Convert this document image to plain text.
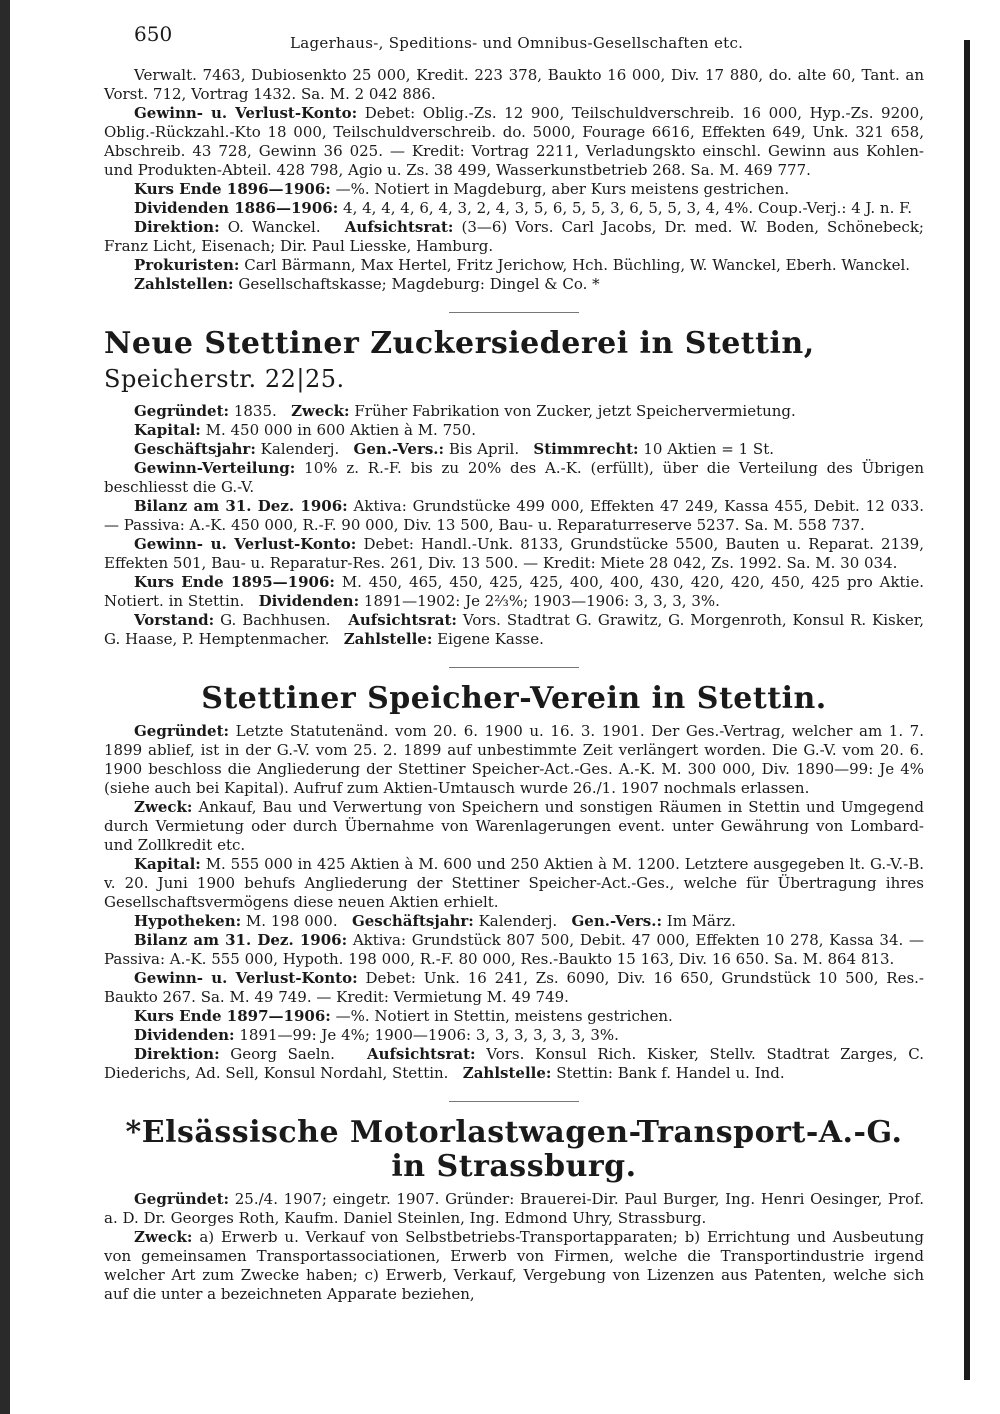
650	Lagerhaus-, Speditions- und Omnibus-Gesellschaften etc.

Verwalt. 7463, Dubiosenkto 25 000, Kredit. 223 378, Baukto 16 000, Div. 17 880, do. alte 60, Tant. an Vorst. 712, Vortrag 1432. Sa. M. 2 042 886.

Gewinn- u. Verlust-Konto: Debet: Oblig.-Zs. 12 900, Teilschuldverschreib. 16 000, Hyp.-Zs. 9200, Oblig.-Rückzahl.-Kto 18 000, Teilschuldverschreib. do. 5000, Fourage 6616, Effekten 649, Unk. 321 658, Abschreib. 43 728, Gewinn 36 025. — Kredit: Vortrag 2211, Verladungskto einschl. Gewinn aus Kohlen- und Produkten-Abteil. 428 798, Agio u. Zs. 38 499, Wasserkunstbetrieb 268. Sa. M. 469 777.

Kurs Ende 1896—1906: —%. Notiert in Magdeburg, aber Kurs meistens gestrichen.

Dividenden 1886—1906: 4, 4, 4, 4, 6, 4, 3, 2, 4, 3, 5, 6, 5, 5, 3, 6, 5, 5, 3, 4, 4%. Coup.-Verj.: 4 J. n. F.

Direktion: O. Wanckel. Aufsichtsrat: (3—6) Vors. Carl Jacobs, Dr. med. W. Boden, Schönebeck; Franz Licht, Eisenach; Dir. Paul Liesske, Hamburg.

Prokuristen: Carl Bärmann, Max Hertel, Fritz Jerichow, Hch. Büchling, W. Wanckel, Eberh. Wanckel.

Zahlstellen: Gesellschaftskasse; Magdeburg: Dingel & Co. *

Neue Stettiner Zuckersiederei in Stettin, Speicherstr. 22|25.

Gegründet: 1835. Zweck: Früher Fabrikation von Zucker, jetzt Speichervermietung.

Kapital: M. 450 000 in 600 Aktien à M. 750.

Geschäftsjahr: Kalenderj. Gen.-Vers.: Bis April. Stimmrecht: 10 Aktien = 1 St.

Gewinn-Verteilung: 10% z. R.-F. bis zu 20% des A.-K. (erfüllt), über die Verteilung des Übrigen beschliesst die G.-V.

Bilanz am 31. Dez. 1906: Aktiva: Grundstücke 499 000, Effekten 47 249, Kassa 455, Debit. 12 033. — Passiva: A.-K. 450 000, R.-F. 90 000, Div. 13 500, Bau- u. Reparaturreserve 5237. Sa. M. 558 737.

Gewinn- u. Verlust-Konto: Debet: Handl.-Unk. 8133, Grundstücke 5500, Bauten u. Reparat. 2139, Effekten 501, Bau- u. Reparatur-Res. 261, Div. 13 500. — Kredit: Miete 28 042, Zs. 1992. Sa. M. 30 034.

Kurs Ende 1895—1906: M. 450, 465, 450, 425, 425, 400, 400, 430, 420, 420, 450, 425 pro Aktie. Notiert. in Stettin. Dividenden: 1891—1902: Je 2⅔%; 1903—1906: 3, 3, 3, 3%.

Vorstand: G. Bachhusen. Aufsichtsrat: Vors. Stadtrat G. Grawitz, G. Morgenroth, Konsul R. Kisker, G. Haase, P. Hemptenmacher. Zahlstelle: Eigene Kasse.

Stettiner Speicher-Verein in Stettin.

Gegründet: Letzte Statutenänd. vom 20. 6. 1900 u. 16. 3. 1901. Der Ges.-Vertrag, welcher am 1. 7. 1899 ablief, ist in der G.-V. vom 25. 2. 1899 auf unbestimmte Zeit verlängert worden. Die G.-V. vom 20. 6. 1900 beschloss die Angliederung der Stettiner Speicher-Act.-Ges. A.-K. M. 300 000, Div. 1890—99: Je 4% (siehe auch bei Kapital). Aufruf zum Aktien-Umtausch wurde 26./1. 1907 nochmals erlassen.

Zweck: Ankauf, Bau und Verwertung von Speichern und sonstigen Räumen in Stettin und Umgegend durch Vermietung oder durch Übernahme von Warenlagerungen event. unter Gewährung von Lombard- und Zollkredit etc.

Kapital: M. 555 000 in 425 Aktien à M. 600 und 250 Aktien à M. 1200. Letztere ausgegeben lt. G.-V.-B. v. 20. Juni 1900 behufs Angliederung der Stettiner Speicher-Act.-Ges., welche für Übertragung ihres Gesellschaftsvermögens diese neuen Aktien erhielt.

Hypotheken: M. 198 000. Geschäftsjahr: Kalenderj. Gen.-Vers.: Im März.

Bilanz am 31. Dez. 1906: Aktiva: Grundstück 807 500, Debit. 47 000, Effekten 10 278, Kassa 34. — Passiva: A.-K. 555 000, Hypoth. 198 000, R.-F. 80 000, Res.-Baukto 15 163, Div. 16 650. Sa. M. 864 813.

Gewinn- u. Verlust-Konto: Debet: Unk. 16 241, Zs. 6090, Div. 16 650, Grundstück 10 500, Res.-Baukto 267. Sa. M. 49 749. — Kredit: Vermietung M. 49 749.

Kurs Ende 1897—1906: —%. Notiert in Stettin, meistens gestrichen.

Dividenden: 1891—99: Je 4%; 1900—1906: 3, 3, 3, 3, 3, 3, 3%.

Direktion: Georg Saeln. Aufsichtsrat: Vors. Konsul Rich. Kisker, Stellv. Stadtrat Zarges, C. Diederichs, Ad. Sell, Konsul Nordahl, Stettin. Zahlstelle: Stettin: Bank f. Handel u. Ind.

*Elsässische Motorlastwagen-Transport-A.-G. in Strassburg.

Gegründet: 25./4. 1907; eingetr. 1907. Gründer: Brauerei-Dir. Paul Burger, Ing. Henri Oesinger, Prof. a. D. Dr. Georges Roth, Kaufm. Daniel Steinlen, Ing. Edmond Uhry, Strassburg.

Zweck: a) Erwerb u. Verkauf von Selbstbetriebs-Transportapparaten; b) Errichtung und Ausbeutung von gemeinsamen Transportassociationen, Erwerb von Firmen, welche die Transportindustrie irgend welcher Art zum Zwecke haben; c) Erwerb, Verkauf, Vergebung von Lizenzen aus Patenten, welche sich auf die unter a bezeichneten Apparate beziehen,
